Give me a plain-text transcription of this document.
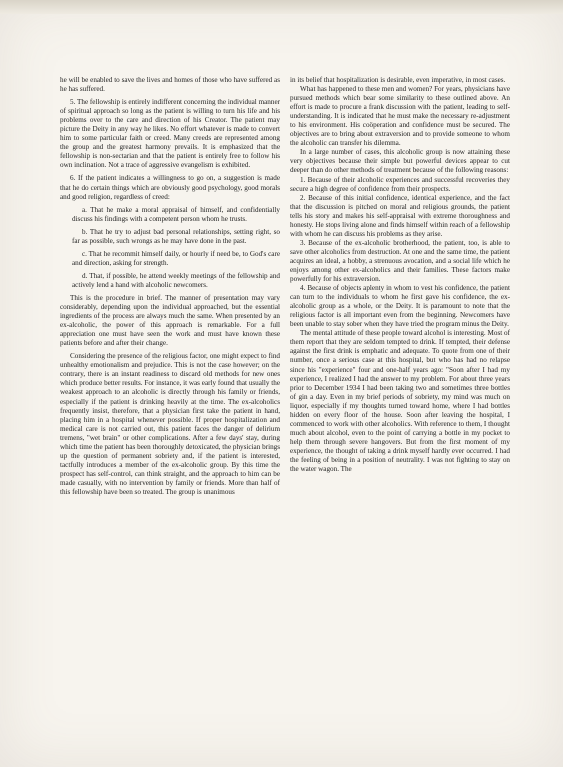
he will be enabled to save the lives and homes of those who have suffered as he has suffered.

5. The fellowship is entirely indifferent concerning the individual manner of spiritual approach so long as the patient is willing to turn his life and his problems over to the care and direction of his Creator. The patient may picture the Deity in any way he likes. No effort whatever is made to convert him to some particular faith or creed. Many creeds are represented among the group and the greatest harmony prevails. It is emphasized that the fellowship is non-sectarian and that the patient is entirely free to follow his own inclination. Not a trace of aggressive evangelism is exhibited.

6. If the patient indicates a willingness to go on, a suggestion is made that he do certain things which are obviously good psychology, good morals and good religion, regardless of creed:

a. That he make a moral appraisal of himself, and confidentially discuss his findings with a competent person whom he trusts.

b. That he try to adjust bad personal relationships, setting right, so far as possible, such wrongs as he may have done in the past.

c. That he recommit himself daily, or hourly if need be, to God's care and direction, asking for strength.

d. That, if possible, he attend weekly meetings of the fellowship and actively lend a hand with alcoholic newcomers.

This is the procedure in brief. The manner of presentation may vary considerably, depending upon the individual approached, but the essential ingredients of the process are always much the same. When presented by an ex-alcoholic, the power of this approach is remarkable. For a full appreciation one must have seen the work and must have known these patients before and after their change.

Considering the presence of the religious factor, one might expect to find unhealthy emotionalism and prejudice. This is not the case however; on the contrary, there is an instant readiness to discard old methods for new ones which produce better results. For instance, it was early found that usually the weakest approach to an alcoholic is directly through his family or friends, especially if the patient is drinking heavily at the time. The ex-alcoholics frequently insist, therefore, that a physician first take the patient in hand, placing him in a hospital whenever possible. If proper hospitalization and medical care is not carried out, this patient faces the danger of delirium tremens, "wet brain" or other complications. After a few days' stay, during which time the patient has been thoroughly detoxicated, the physician brings up the question of permanent sobriety and, if the patient is interested, tactfully introduces a member of the ex-alcoholic group. By this time the prospect has self-control, can think straight, and the approach to him can be made casually, with no intervention by family or friends. More than half of this fellowship have been so treated. The group is unanimous

in its belief that hospitalization is desirable, even imperative, in most cases.

What has happened to these men and women? For years, physicians have pursued methods which bear some similarity to these outlined above. An effort is made to procure a frank discussion with the patient, leading to self-understanding. It is indicated that he must make the necessary re-adjustment to his environment. His coöperation and confidence must be secured. The objectives are to bring about extraversion and to provide someone to whom the alcoholic can transfer his dilemma.

In a large number of cases, this alcoholic group is now attaining these very objectives because their simple but powerful devices appear to cut deeper than do other methods of treatment because of the following reasons:

1. Because of their alcoholic experiences and successful recoveries they secure a high degree of confidence from their prospects.

2. Because of this initial confidence, identical experience, and the fact that the discussion is pitched on moral and religious grounds, the patient tells his story and makes his self-appraisal with extreme thoroughness and honesty. He stops living alone and finds himself within reach of a fellowship with whom he can discuss his problems as they arise.

3. Because of the ex-alcoholic brotherhood, the patient, too, is able to save other alcoholics from destruction. At one and the same time, the patient acquires an ideal, a hobby, a strenuous avocation, and a social life which he enjoys among other ex-alcoholics and their families. These factors make powerfully for his extraversion.

4. Because of objects aplenty in whom to vest his confidence, the patient can turn to the individuals to whom he first gave his confidence, the ex-alcoholic group as a whole, or the Deity. It is paramount to note that the religious factor is all important even from the beginning. Newcomers have been unable to stay sober when they have tried the program minus the Deity.

The mental attitude of these people toward alcohol is interesting. Most of them report that they are seldom tempted to drink. If tempted, their defense against the first drink is emphatic and adequate. To quote from one of their number, once a serious case at this hospital, but who has had no relapse since his "experience" four and one-half years ago: "Soon after I had my experience, I realized I had the answer to my problem. For about three years prior to December 1934 I had been taking two and sometimes three bottles of gin a day. Even in my brief periods of sobriety, my mind was much on liquor, especially if my thoughts turned toward home, where I had bottles hidden on every floor of the house. Soon after leaving the hospital, I commenced to work with other alcoholics. With reference to them, I thought much about alcohol, even to the point of carrying a bottle in my pocket to help them through severe hangovers. But from the first moment of my experience, the thought of taking a drink myself hardly ever occurred. I had the feeling of being in a position of neutrality. I was not fighting to stay on the water wagon. The
